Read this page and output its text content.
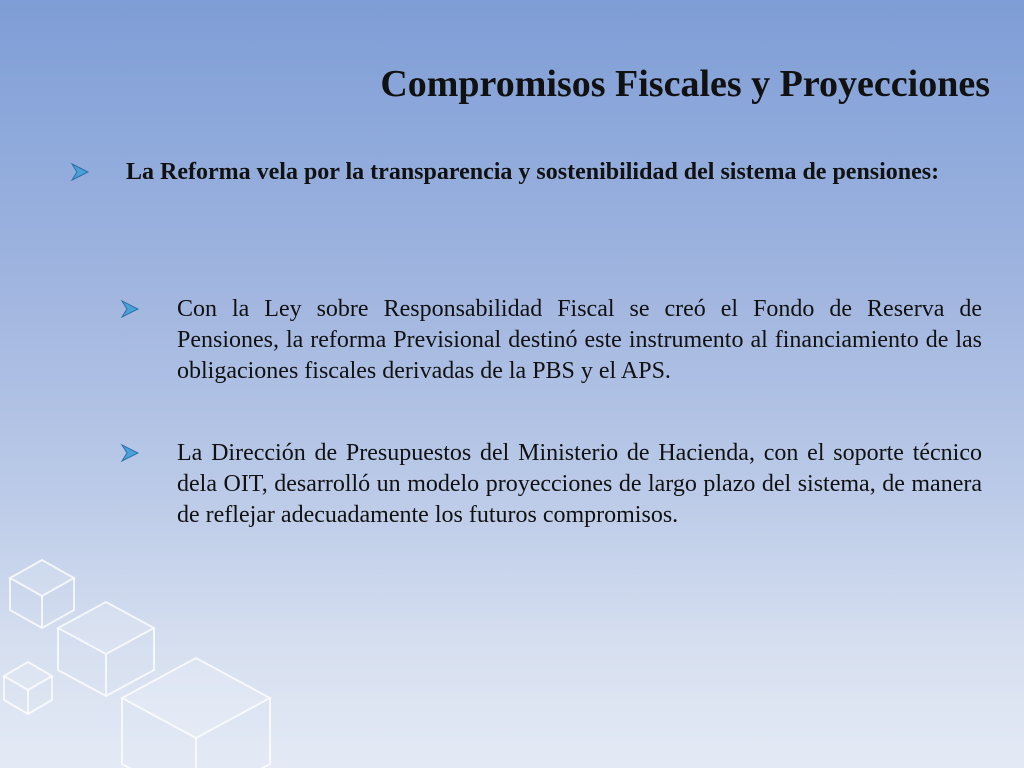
Compromisos Fiscales y Proyecciones
La Reforma vela por la transparencia y sostenibilidad del sistema de pensiones:
Con la Ley sobre Responsabilidad Fiscal se creó el Fondo de Reserva de Pensiones, la reforma Previsional destinó este instrumento al financiamiento de las obligaciones fiscales derivadas de la PBS y el APS.
La Dirección de Presupuestos del Ministerio de Hacienda, con el soporte técnico dela OIT, desarrolló un modelo proyecciones de largo plazo del sistema, de manera de reflejar adecuadamente los futuros compromisos.
